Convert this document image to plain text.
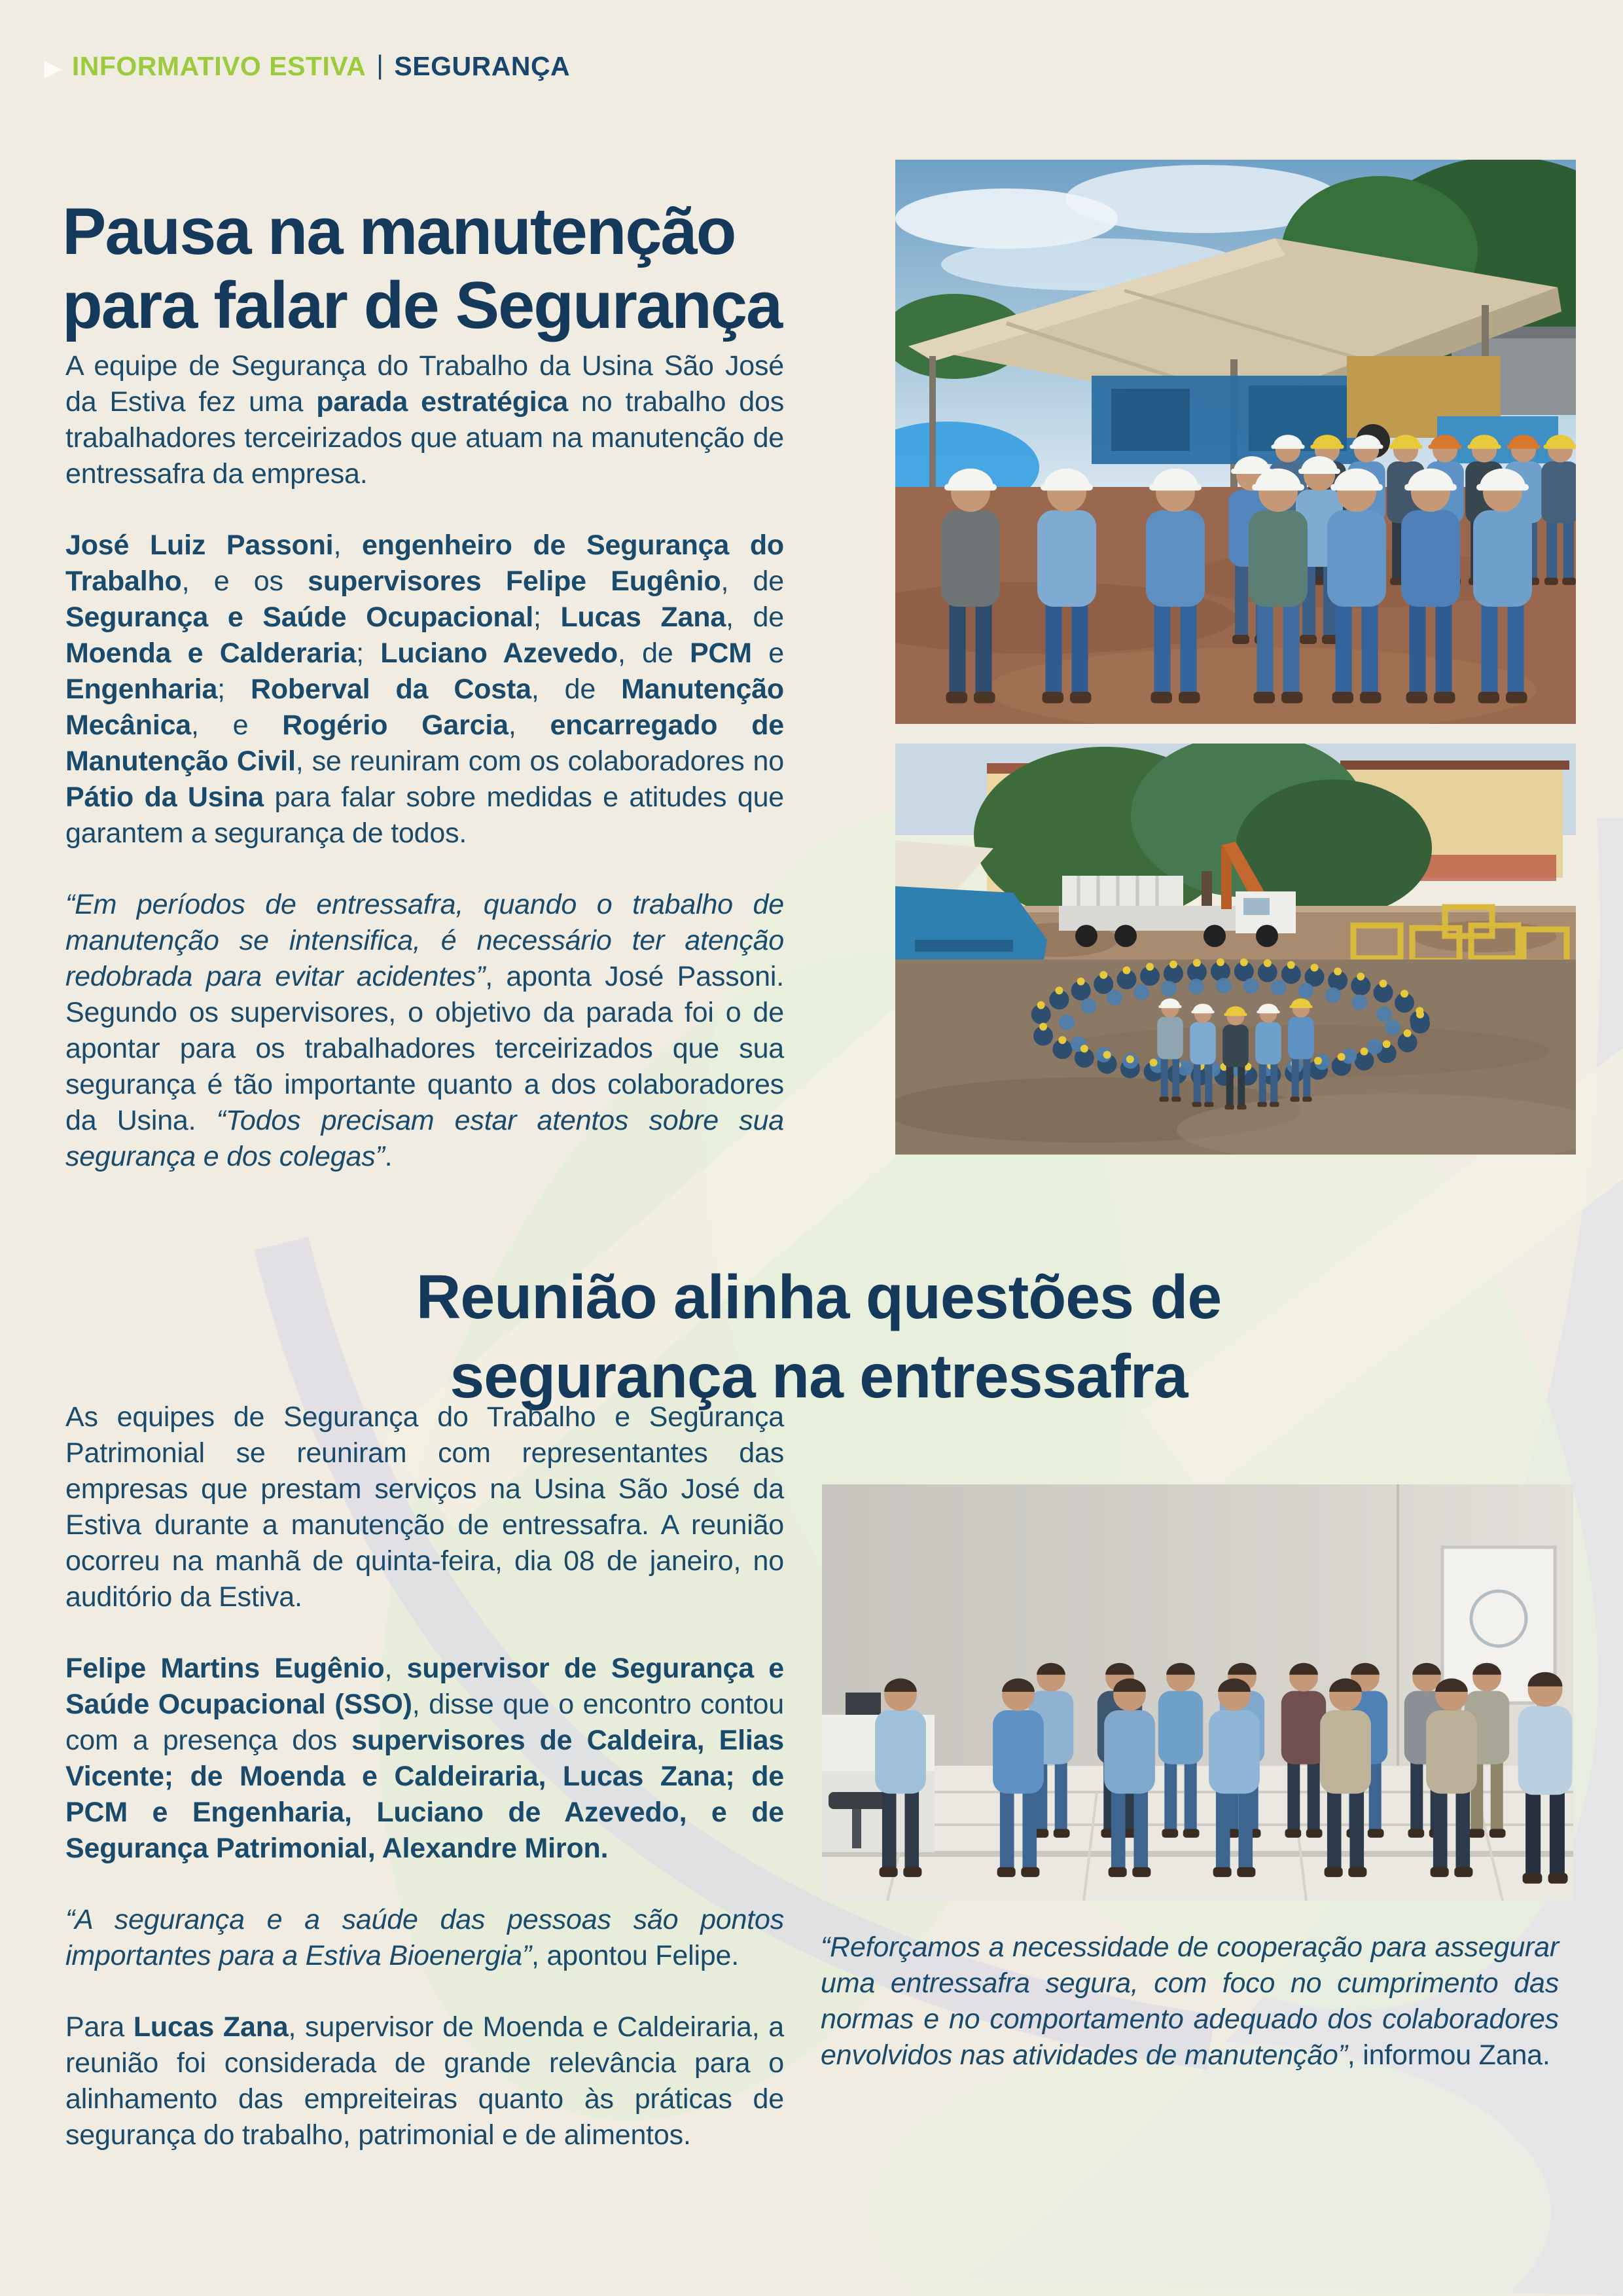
▶ INFORMATIVO ESTIVA | SEGURANÇA
Pausa na manutenção
para falar de Segurança

A equipe de Segurança do Trabalho da Usina São José da Estiva fez uma parada estratégica no trabalho dos trabalhadores terceirizados que atuam na manutenção de entressafra da empresa.

José Luiz Passoni, engenheiro de Segurança do Trabalho, e os supervisores Felipe Eugênio, de Segurança e Saúde Ocupacional; Lucas Zana, de Moenda e Calderaria; Luciano Azevedo, de PCM e Engenharia; Roberval da Costa, de Manutenção Mecânica, e Rogério Garcia, encarregado de Manutenção Civil, se reuniram com os colaboradores no Pátio da Usina para falar sobre medidas e atitudes que garantem a segurança de todos.

“Em períodos de entressafra, quando o trabalho de manutenção se intensifica, é necessário ter atenção redobrada para evitar acidentes”, aponta José Passoni. Segundo os supervisores, o objetivo da parada foi o de apontar para os trabalhadores terceirizados que sua segurança é tão importante quanto a dos colaboradores da Usina. “Todos precisam estar atentos sobre sua segurança e dos colegas”.

Reunião alinha questões de
segurança na entressafra

As equipes de Segurança do Trabalho e Segurança Patrimonial se reuniram com representantes das empresas que prestam serviços na Usina São José da Estiva durante a manutenção de entressafra. A reunião ocorreu na manhã de quinta-feira, dia 08 de janeiro, no auditório da Estiva.

Felipe Martins Eugênio, supervisor de Segurança e Saúde Ocupacional (SSO), disse que o encontro contou com a presença dos supervisores de Caldeira, Elias Vicente; de Moenda e Caldeiraria, Lucas Zana; de PCM e Engenharia, Luciano de Azevedo, e de Segurança Patrimonial, Alexandre Miron.

“A segurança e a saúde das pessoas são pontos importantes para a Estiva Bioenergia”, apontou Felipe.

Para Lucas Zana, supervisor de Moenda e Caldeiraria, a reunião foi considerada de grande relevância para o alinhamento das empreiteiras quanto às práticas de segurança do trabalho, patrimonial e de alimentos.

“Reforçamos a necessidade de cooperação para assegurar uma entressafra segura, com foco no cumprimento das normas e no comportamento adequado dos colaboradores envolvidos nas atividades de manutenção”, informou Zana.
